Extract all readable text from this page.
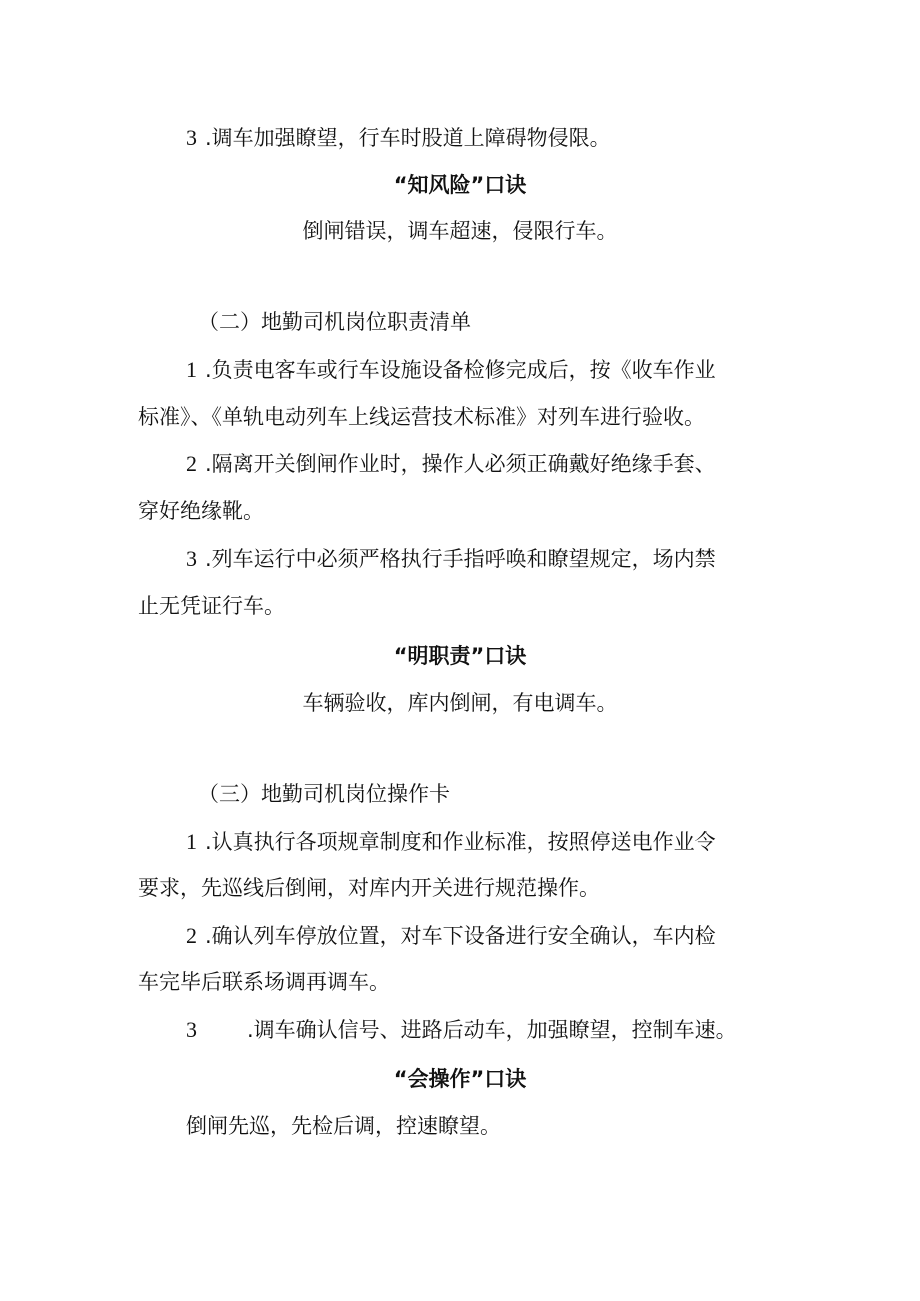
3 .调车加强瞭望，行车时股道上障碍物侵限。
“知风险”口诀
倒闸错误，调车超速，侵限行车。
（二）地勤司机岗位职责清单
1 .负责电客车或行车设施设备检修完成后，按《收车作业
标准》、《单轨电动列车上线运营技术标准》对列车进行验收。
2 .隔离开关倒闸作业时，操作人必须正确戴好绝缘手套、
穿好绝缘靴。
3 .列车运行中必须严格执行手指呼唤和瞭望规定，场内禁
止无凭证行车。
“明职责”口诀
车辆验收，库内倒闸，有电调车。
（三）地勤司机岗位操作卡
1 .认真执行各项规章制度和作业标准，按照停送电作业令
要求，先巡线后倒闸，对库内开关进行规范操作。
2 .确认列车停放位置，对车下设备进行安全确认，车内检
车完毕后联系场调再调车。
3 .调车确认信号、进路后动车，加强瞭望，控制车速。
“会操作”口诀
倒闸先巡，先检后调，控速瞭望。
